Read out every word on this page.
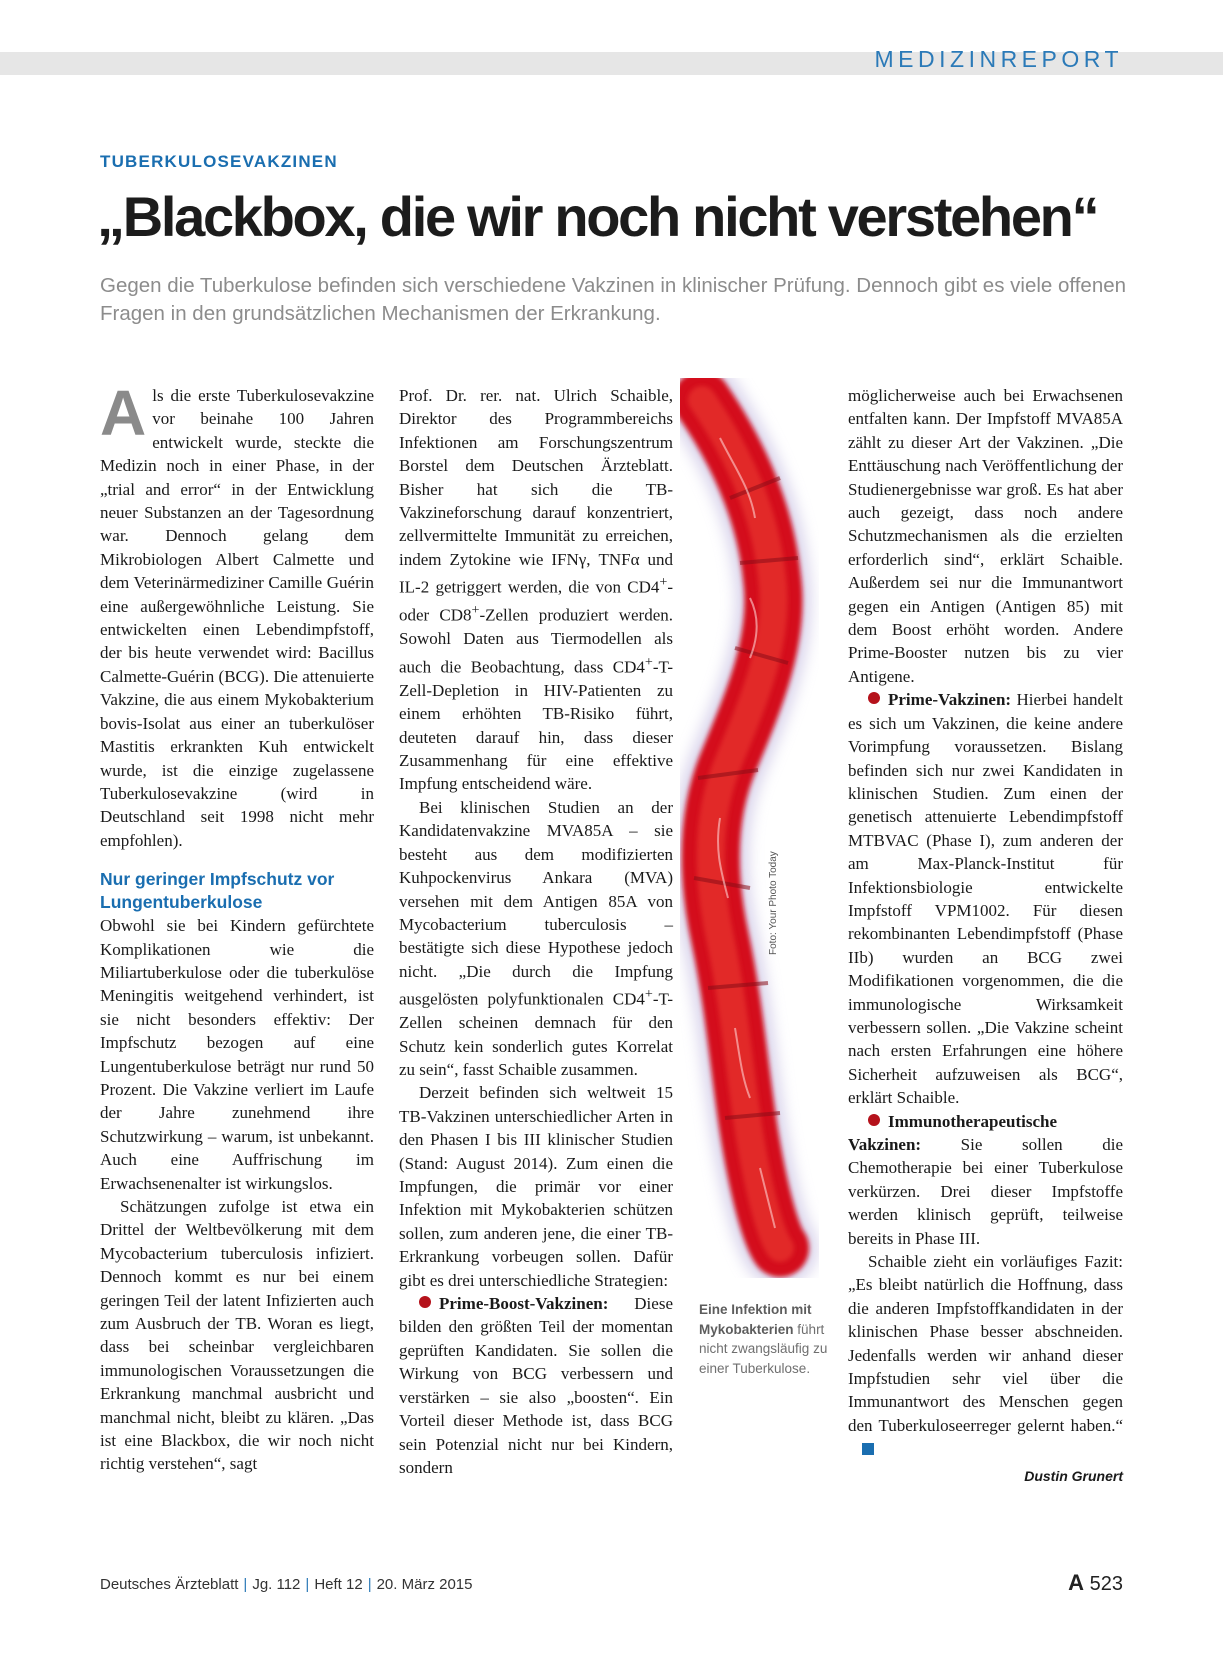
MEDIZINREPORT
TUBERKULOSEVAKZINEN
„Blackbox, die wir noch nicht verstehen“
Gegen die Tuberkulose befinden sich verschiedene Vakzinen in klinischer Prüfung. Dennoch gibt es viele offenen Fragen in den grundsätzlichen Mechanismen der Erkrankung.

Als die erste Tuberkulosevakzine vor beinahe 100 Jahren entwickelt wurde, steckte die Medizin noch in einer Phase, in der „trial and error“ in der Entwicklung neuer Substanzen an der Tagesordnung war. Dennoch gelang dem Mikrobiologen Albert Calmette und dem Veterinärmediziner Camille Guérin eine außergewöhnliche Leistung. Sie entwickelten einen Lebendimpfstoff, der bis heute verwendet wird: Bacillus Calmette-Guérin (BCG). Die attenuierte Vakzine, die aus einem Mykobakterium bovis-Isolat aus einer an tuberkulöser Mastitis erkrankten Kuh entwickelt wurde, ist die einzige zugelassene Tuberkulosevakzine (wird in Deutschland seit 1998 nicht mehr empfohlen).

Nur geringer Impfschutz vor Lungentuberkulose

Obwohl sie bei Kindern gefürchtete Komplikationen wie die Miliartuberkulose oder die tuberkulöse Meningitis weitgehend verhindert, ist sie nicht besonders effektiv: Der Impfschutz bezogen auf eine Lungentuberkulose beträgt nur rund 50 Prozent. Die Vakzine verliert im Laufe der Jahre zunehmend ihre Schutzwirkung – warum, ist unbekannt. Auch eine Auffrischung im Erwachsenenalter ist wirkungslos.

Schätzungen zufolge ist etwa ein Drittel der Weltbevölkerung mit dem Mycobacterium tuberculosis infiziert. Dennoch kommt es nur bei einem geringen Teil der latent Infizierten auch zum Ausbruch der TB. Woran es liegt, dass bei scheinbar vergleichbaren immunologischen Voraussetzungen die Erkrankung manchmal ausbricht und manchmal nicht, bleibt zu klären. „Das ist eine Blackbox, die wir noch nicht richtig verstehen“, sagt

Prof. Dr. rer. nat. Ulrich Schaible, Direktor des Programmbereichs Infektionen am Forschungszentrum Borstel dem Deutschen Ärzteblatt. Bisher hat sich die TB-Vakzineforschung darauf konzentriert, zellvermittelte Immunität zu erreichen, indem Zytokine wie IFNγ, TNFα und IL-2 getriggert werden, die von CD4+- oder CD8+-Zellen produziert werden. Sowohl Daten aus Tiermodellen als auch die Beobachtung, dass CD4+-T-Zell-Depletion in HIV-Patienten zu einem erhöhten TB-Risiko führt, deuteten darauf hin, dass dieser Zusammenhang für eine effektive Impfung entscheidend wäre.

Bei klinischen Studien an der Kandidatenvakzine MVA85A – sie besteht aus dem modifizierten Kuhpockenvirus Ankara (MVA) versehen mit dem Antigen 85A von Mycobacterium tuberculosis – bestätigte sich diese Hypothese jedoch nicht. „Die durch die Impfung ausgelösten polyfunktionalen CD4+-T-Zellen scheinen demnach für den Schutz kein sonderlich gutes Korrelat zu sein“, fasst Schaible zusammen.

Derzeit befinden sich weltweit 15 TB-Vakzinen unterschiedlicher Arten in den Phasen I bis III klinischer Studien (Stand: August 2014). Zum einen die Impfungen, die primär vor einer Infektion mit Mykobakterien schützen sollen, zum anderen jene, die einer TB-Erkrankung vorbeugen sollen. Dafür gibt es drei unterschiedliche Strategien:

Prime-Boost-Vakzinen: Diese bilden den größten Teil der momentan geprüften Kandidaten. Sie sollen die Wirkung von BCG verbessern und verstärken – sie also „boosten“. Ein Vorteil dieser Methode ist, dass BCG sein Potenzial nicht nur bei Kindern, sondern

Foto: Your Photo Today
Eine Infektion mit Mykobakterien führt nicht zwangsläufig zu einer Tuberkulose.

möglicherweise auch bei Erwachsenen entfalten kann. Der Impfstoff MVA85A zählt zu dieser Art der Vakzinen. „Die Enttäuschung nach Veröffentlichung der Studienergebnisse war groß. Es hat aber auch gezeigt, dass noch andere Schutzmechanismen als die erzielten erforderlich sind“, erklärt Schaible. Außerdem sei nur die Immunantwort gegen ein Antigen (Antigen 85) mit dem Boost erhöht worden. Andere Prime-Booster nutzen bis zu vier Antigene.

Prime-Vakzinen: Hierbei handelt es sich um Vakzinen, die keine andere Vorimpfung voraussetzen. Bislang befinden sich nur zwei Kandidaten in klinischen Studien. Zum einen der genetisch attenuierte Lebendimpfstoff MTBVAC (Phase I), zum anderen der am Max-Planck-Institut für Infektionsbiologie entwickelte Impfstoff VPM1002. Für diesen rekombinanten Lebendimpfstoff (Phase IIb) wurden an BCG zwei Modifikationen vorgenommen, die die immunologische Wirksamkeit verbessern sollen. „Die Vakzine scheint nach ersten Erfahrungen eine höhere Sicherheit aufzuweisen als BCG“, erklärt Schaible.

Immunotherapeutische Vakzinen: Sie sollen die Chemotherapie bei einer Tuberkulose verkürzen. Drei dieser Impfstoffe werden klinisch geprüft, teilweise bereits in Phase III.

Schaible zieht ein vorläufiges Fazit: „Es bleibt natürlich die Hoffnung, dass die anderen Impfstoffkandidaten in der klinischen Phase besser abschneiden. Jedenfalls werden wir anhand dieser Impfstudien sehr viel über die Immunantwort des Menschen gegen den Tuberkuloseerreger gelernt haben.“

Dustin Grunert
Deutsches Ärzteblatt | Jg. 112 | Heft 12 | 20. März 2015	A 523
